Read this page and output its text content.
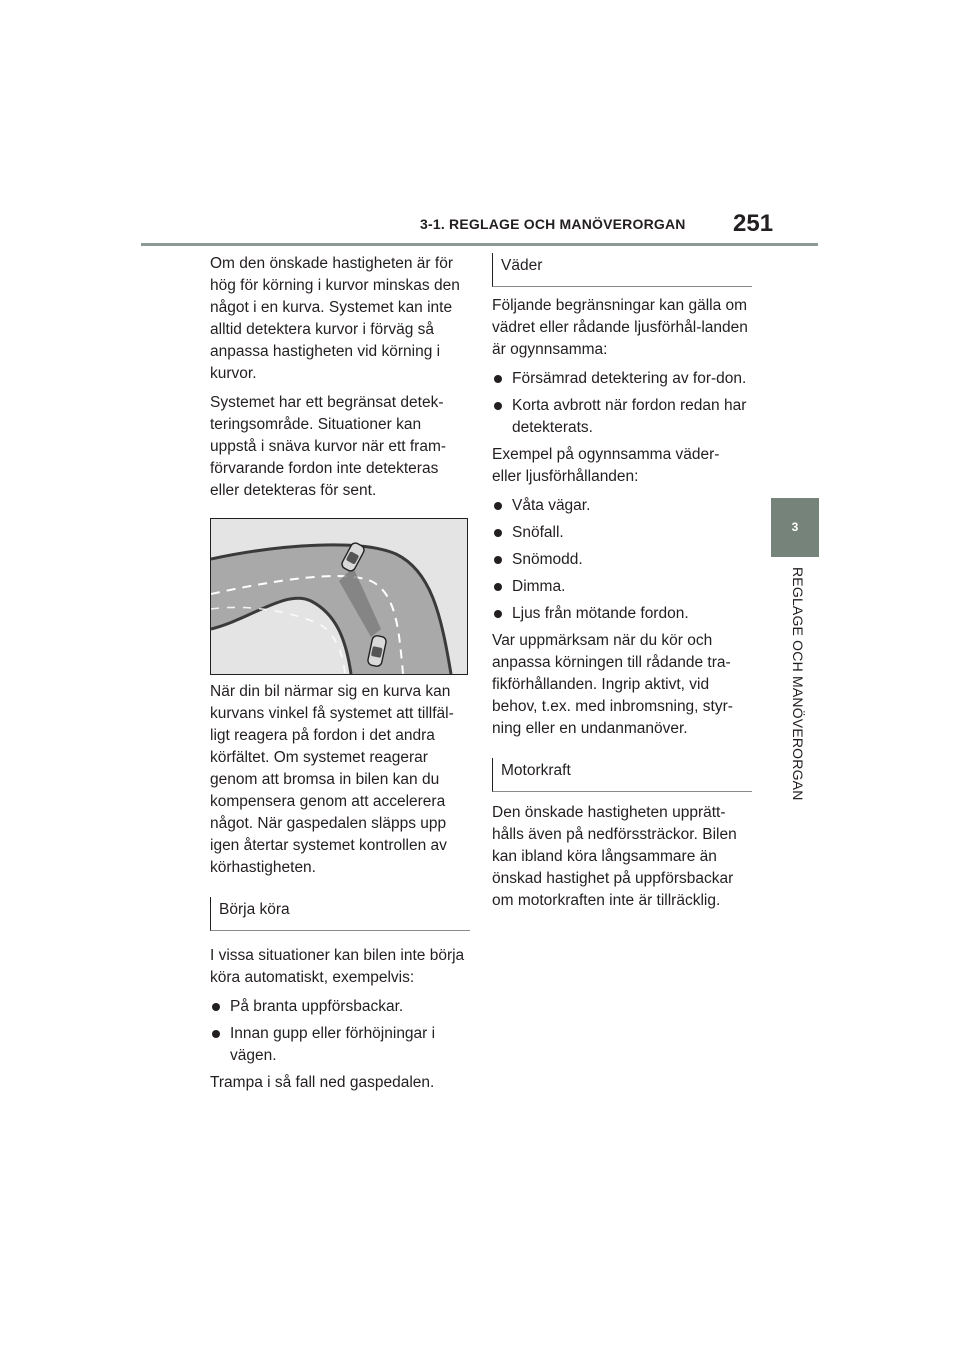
3-1. REGLAGE OCH MANÖVERORGAN 251
3
REGLAGE OCH MANÖVERORGAN

Om den önskade hastigheten är för hög för körning i kurvor minskas den något i en kurva. Systemet kan inte alltid detektera kurvor i förväg så anpassa hastigheten vid körning i kurvor.

Systemet har ett begränsat detek-teringsområde. Situationer kan uppstå i snäva kurvor när ett fram-förvarande fordon inte detekteras eller detekteras för sent.

När din bil närmar sig en kurva kan kurvans vinkel få systemet att tillfäl-ligt reagera på fordon i det andra körfältet. Om systemet reagerar genom att bromsa in bilen kan du kompensera genom att accelerera något. När gaspedalen släpps upp igen återtar systemet kontrollen av körhastigheten.

Börja köra

I vissa situationer kan bilen inte börja köra automatiskt, exempelvis:

På branta uppförsbackar.
Innan gupp eller förhöjningar i vägen.

Trampa i så fall ned gaspedalen.

Väder

Följande begränsningar kan gälla om vädret eller rådande ljusförhål-landen är ogynnsamma:

Försämrad detektering av for-don.
Korta avbrott när fordon redan har detekterats.

Exempel på ogynnsamma väder- eller ljusförhållanden:

Våta vägar.
Snöfall.
Snömodd.
Dimma.
Ljus från mötande fordon.

Var uppmärksam när du kör och anpassa körningen till rådande tra-fikförhållanden. Ingrip aktivt, vid behov, t.ex. med inbromsning, styr-ning eller en undanmanöver.

Motorkraft

Den önskade hastigheten upprätt-hålls även på nedförssträckor. Bilen kan ibland köra långsammare än önskad hastighet på uppförsbackar om motorkraften inte är tillräcklig.
